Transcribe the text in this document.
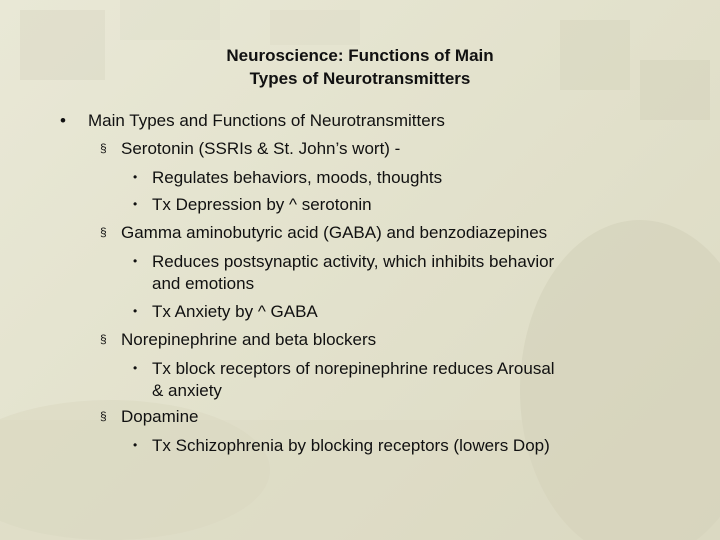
Neuroscience: Functions of Main
Types of Neurotransmitters
• Main Types and Functions of Neurotransmitters
§ Serotonin (SSRIs & St. John’s wort) -
• Regulates behaviors, moods, thoughts
• Tx Depression by ^ serotonin
§ Gamma aminobutyric acid (GABA) and benzodiazepines
• Reduces postsynaptic activity, which inhibits behavior
and emotions
• Tx Anxiety by ^ GABA
§ Norepinephrine and beta blockers
• Tx block receptors of norepinephrine reduces Arousal
& anxiety
§ Dopamine
• Tx Schizophrenia by blocking receptors (lowers Dop)
